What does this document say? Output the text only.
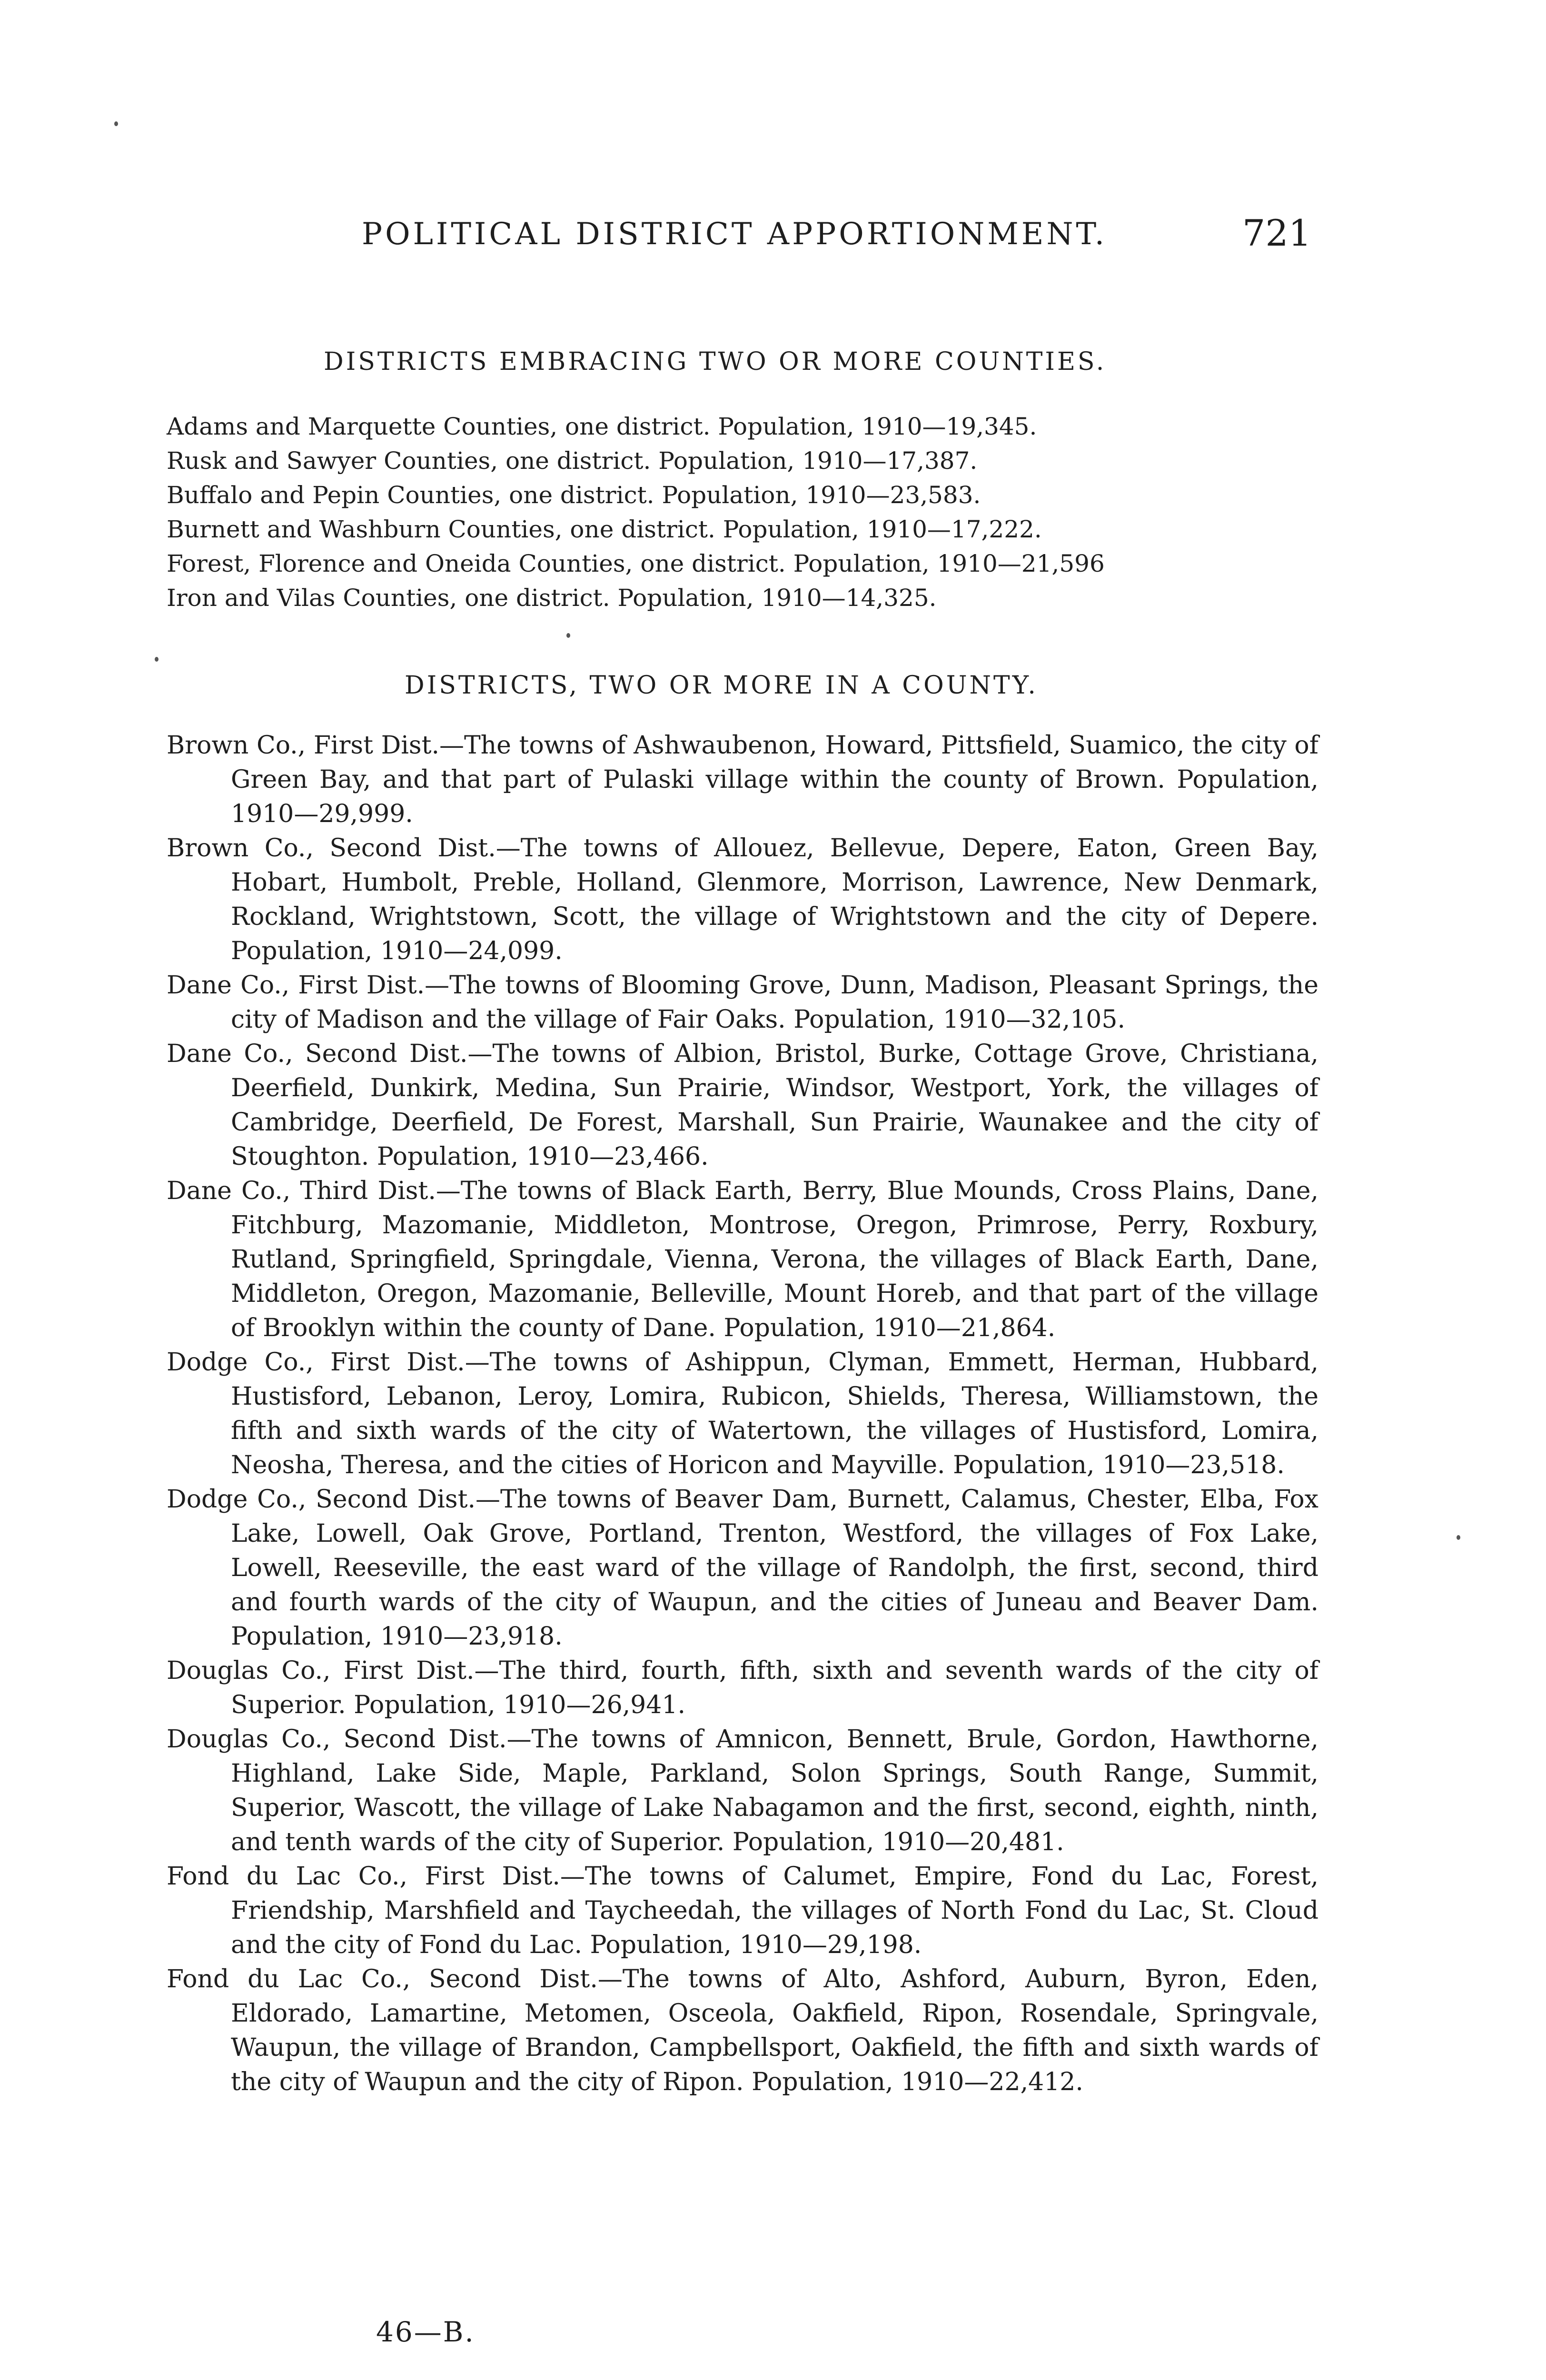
POLITICAL DISTRICT APPORTIONMENT.	721
DISTRICTS EMBRACING TWO OR MORE COUNTIES.
Adams and Marquette Counties, one district. Population, 1910—19,345.
Rusk and Sawyer Counties, one district. Population, 1910—17,387.
Buffalo and Pepin Counties, one district. Population, 1910—23,583.
Burnett and Washburn Counties, one district. Population, 1910—17,222.
Forest, Florence and Oneida Counties, one district. Population, 1910—21,596
Iron and Vilas Counties, one district. Population, 1910—14,325.
DISTRICTS, TWO OR MORE IN A COUNTY.
Brown Co., First Dist.—The towns of Ashwaubenon, Howard, Pittsfield, Suamico, the city of Green Bay, and that part of Pulaski village within the county of Brown. Population, 1910—29,999.
Brown Co., Second Dist.—The towns of Allouez, Bellevue, Depere, Eaton, Green Bay, Hobart, Humbolt, Preble, Holland, Glenmore, Morrison, Lawrence, New Denmark, Rockland, Wrightstown, Scott, the village of Wrightstown and the city of Depere. Population, 1910—24,099.
Dane Co., First Dist.—The towns of Blooming Grove, Dunn, Madison, Pleasant Springs, the city of Madison and the village of Fair Oaks. Population, 1910—32,105.
Dane Co., Second Dist.—The towns of Albion, Bristol, Burke, Cottage Grove, Christiana, Deerfield, Dunkirk, Medina, Sun Prairie, Windsor, Westport, York, the villages of Cambridge, Deerfield, De Forest, Marshall, Sun Prairie, Waunakee and the city of Stoughton. Population, 1910—23,466.
Dane Co., Third Dist.—The towns of Black Earth, Berry, Blue Mounds, Cross Plains, Dane, Fitchburg, Mazomanie, Middleton, Montrose, Oregon, Primrose, Perry, Roxbury, Rutland, Springfield, Springdale, Vienna, Verona, the villages of Black Earth, Dane, Middleton, Oregon, Mazomanie, Belleville, Mount Horeb, and that part of the village of Brooklyn within the county of Dane. Population, 1910—21,864.
Dodge Co., First Dist.—The towns of Ashippun, Clyman, Emmett, Herman, Hubbard, Hustisford, Lebanon, Leroy, Lomira, Rubicon, Shields, Theresa, Williamstown, the fifth and sixth wards of the city of Watertown, the villages of Hustisford, Lomira, Neosha, Theresa, and the cities of Horicon and Mayville. Population, 1910—23,518.
Dodge Co., Second Dist.—The towns of Beaver Dam, Burnett, Calamus, Chester, Elba, Fox Lake, Lowell, Oak Grove, Portland, Trenton, Westford, the villages of Fox Lake, Lowell, Reeseville, the east ward of the village of Randolph, the first, second, third and fourth wards of the city of Waupun, and the cities of Juneau and Beaver Dam. Population, 1910—23,918.
Douglas Co., First Dist.—The third, fourth, fifth, sixth and seventh wards of the city of Superior. Population, 1910—26,941.
Douglas Co., Second Dist.—The towns of Amnicon, Bennett, Brule, Gordon, Hawthorne, Highland, Lake Side, Maple, Parkland, Solon Springs, South Range, Summit, Superior, Wascott, the village of Lake Nabagamon and the first, second, eighth, ninth, and tenth wards of the city of Superior. Population, 1910—20,481.
Fond du Lac Co., First Dist.—The towns of Calumet, Empire, Fond du Lac, Forest, Friendship, Marshfield and Taycheedah, the villages of North Fond du Lac, St. Cloud and the city of Fond du Lac. Population, 1910—29,198.
Fond du Lac Co., Second Dist.—The towns of Alto, Ashford, Auburn, Byron, Eden, Eldorado, Lamartine, Metomen, Osceola, Oakfield, Ripon, Rosendale, Springvale, Waupun, the village of Brandon, Campbellsport, Oakfield, the fifth and sixth wards of the city of Waupun and the city of Ripon. Population, 1910—22,412.
46—B.
